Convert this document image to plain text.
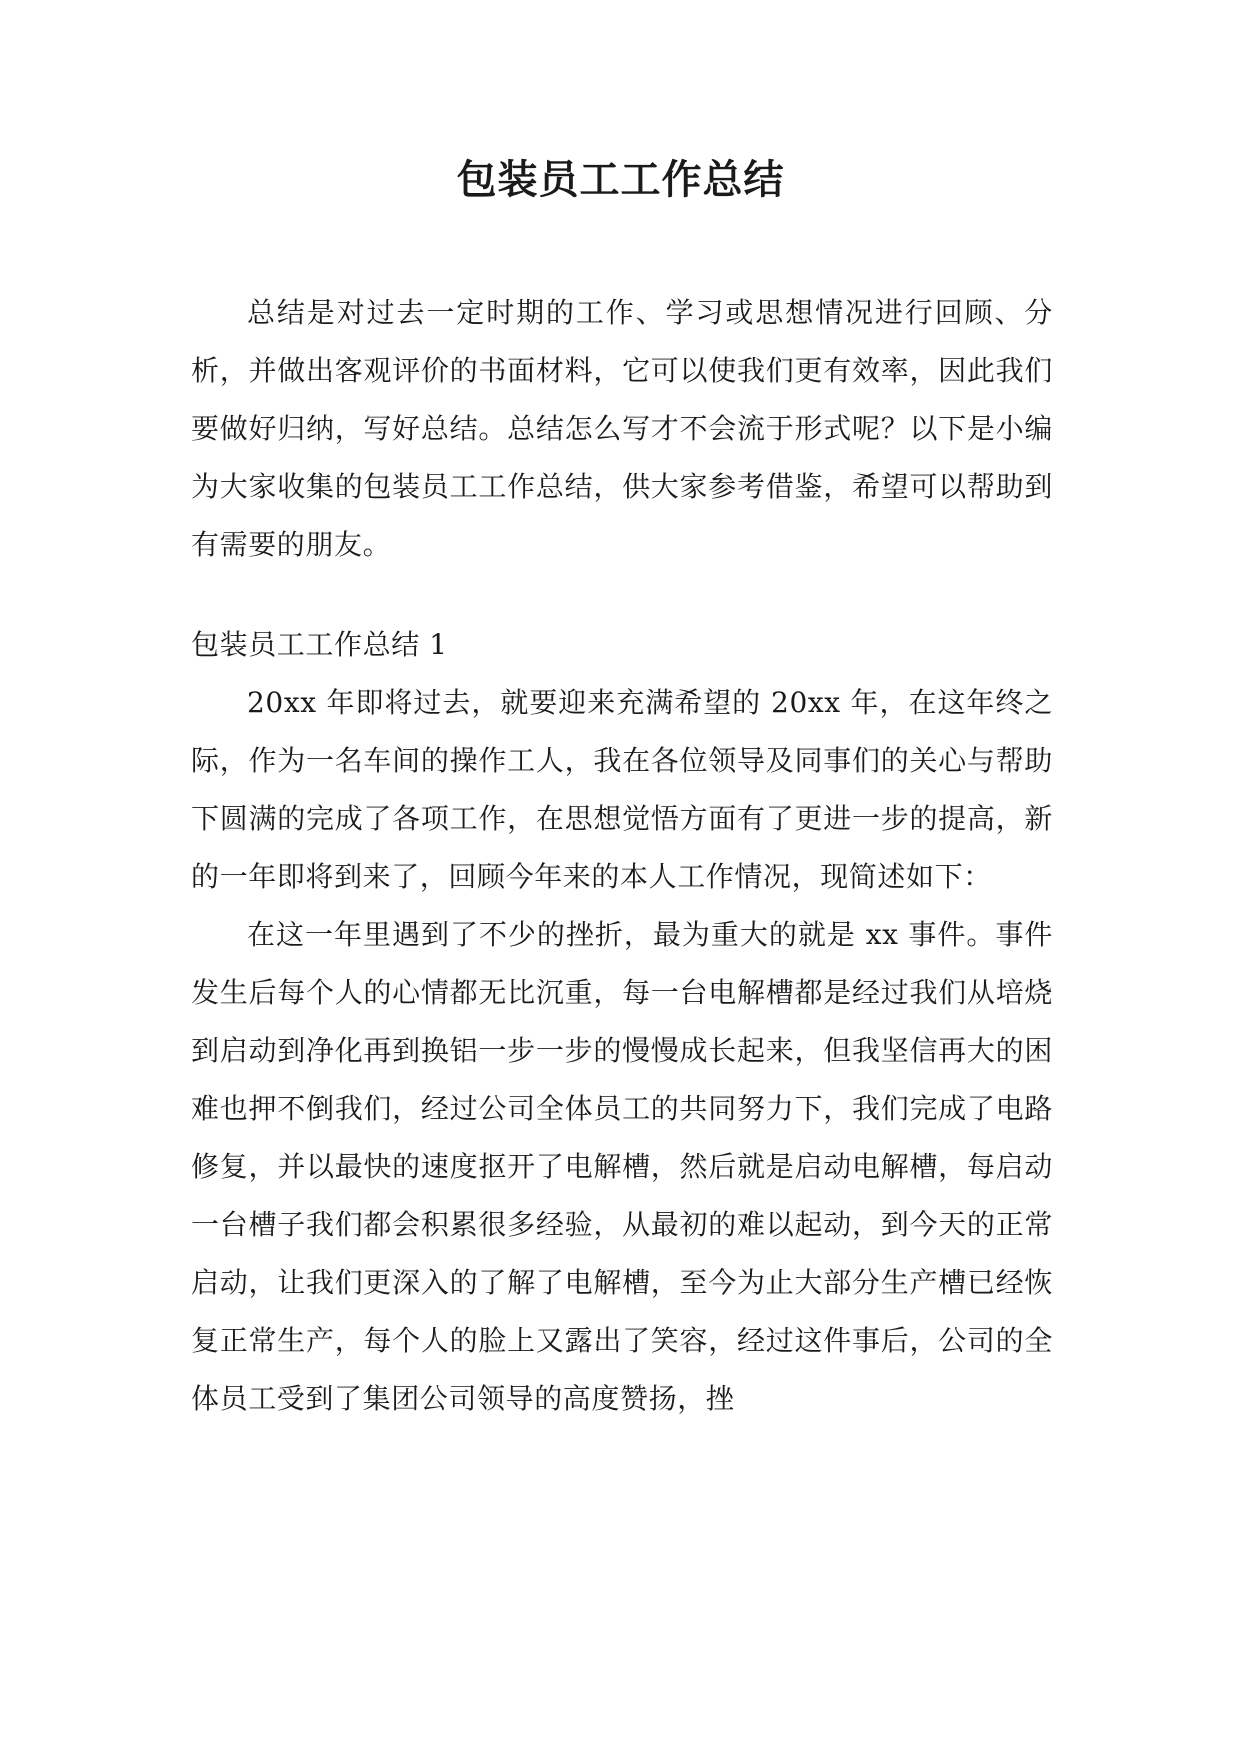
包装员工工作总结

总结是对过去一定时期的工作、学习或思想情况进行回顾、分析，并做出客观评价的书面材料，它可以使我们更有效率，因此我们要做好归纳，写好总结。总结怎么写才不会流于形式呢？以下是小编为大家收集的包装员工工作总结，供大家参考借鉴，希望可以帮助到有需要的朋友。

包装员工工作总结 1

20xx 年即将过去，就要迎来充满希望的 20xx 年，在这年终之际，作为一名车间的操作工人，我在各位领导及同事们的关心与帮助下圆满的完成了各项工作，在思想觉悟方面有了更进一步的提高，新的一年即将到来了，回顾今年来的本人工作情况，现简述如下：

在这一年里遇到了不少的挫折，最为重大的就是 xx 事件。事件发生后每个人的心情都无比沉重，每一台电解槽都是经过我们从培烧到启动到净化再到换铝一步一步的慢慢成长起来，但我坚信再大的困难也押不倒我们，经过公司全体员工的共同努力下，我们完成了电路修复，并以最快的速度抠开了电解槽，然后就是启动电解槽，每启动一台槽子我们都会积累很多经验，从最初的难以起动，到今天的正常启动，让我们更深入的了解了电解槽，至今为止大部分生产槽已经恢复正常生产，每个人的脸上又露出了笑容，经过这件事后，公司的全体员工受到了集团公司领导的高度赞扬，挫
